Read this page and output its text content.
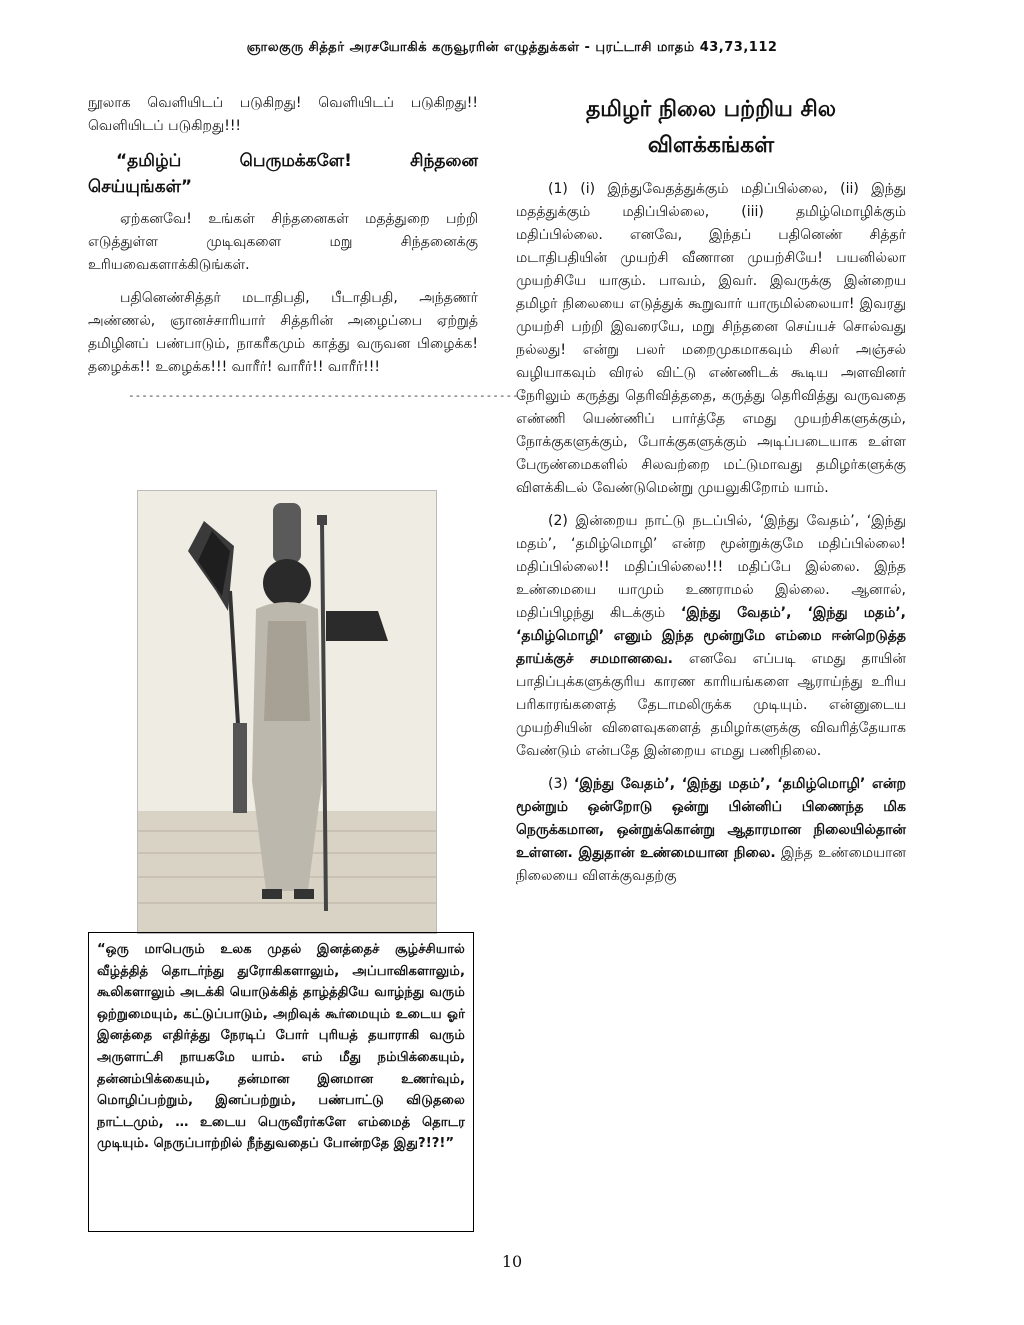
ஞாலகுரு சித்தர் அரசயோகிக் கருவூரரின் எழுத்துக்கள் - புரட்டாசி மாதம் 43,73,112

நூலாக வெளியிடப் படுகிறது! வெளியிடப் படுகிறது!! வெளியிடப் படுகிறது!!!

“தமிழ்ப் பெருமக்களே! சிந்தனை செய்யுங்கள்”

ஏற்கனவே! உங்கள் சிந்தனைகள் மதத்துறை பற்றி எடுத்துள்ள முடிவுகளை மறு சிந்தனைக்கு உரியவைகளாக்கிடுங்கள்.

பதினெண்சித்தர் மடாதிபதி, பீடாதிபதி, அந்தணர் அண்ணல், ஞானச்சாரியார் சித்தரின் அழைப்பை ஏற்றுத் தமிழினப் பண்பாடும், நாகரீகமும் காத்து வருவன பிழைக்க! தழைக்க!! உழைக்க!!! வாரீர்! வாரீர்!! வாரீர்!!!

------------------------------------------------------------
“ஒரு மாபெரும் உலக முதல் இனத்தைச் சூழ்ச்சியால் வீழ்த்தித் தொடர்ந்து துரோகிகளாலும், அப்பாவிகளாலும், கூலிகளாலும் அடக்கி யொடுக்கித் தாழ்த்தியே வாழ்ந்து வரும் ஒற்றுமையும், கட்டுப்பாடும், அறிவுக் கூர்மையும் உடைய ஓர் இனத்தை எதிர்த்து நேரடிப் போர் புரியத் தயாராகி வரும் அருளாட்சி நாயகமே யாம். எம் மீது நம்பிக்கையும், தன்னம்பிக்கையும், தன்மான இனமான உணர்வும், மொழிப்பற்றும், இனப்பற்றும், பண்பாட்டு விடுதலை நாட்டமும், … உடைய பெருவீரர்களே எம்மைத் தொடர முடியும். நெருப்பாற்றில் நீந்துவதைப் போன்றதே இது?!?!”
தமிழர் நிலை பற்றிய சில
விளக்கங்கள்

(1) (i) இந்துவேதத்துக்கும் மதிப்பில்லை, (ii) இந்து மதத்துக்கும் மதிப்பில்லை, (iii) தமிழ்மொழிக்கும் மதிப்பில்லை. எனவே, இந்தப் பதினெண் சித்தர் மடாதிபதியின் முயற்சி வீணான முயற்சியே! பயனில்லா முயற்சியே யாகும். பாவம், இவர். இவருக்கு இன்றைய தமிழர் நிலையை எடுத்துக் கூறுவார் யாருமில்லையா! இவரது முயற்சி பற்றி இவரையே, மறு சிந்தனை செய்யச் சொல்வது நல்லது! என்று பலர் மறைமுகமாகவும் சிலர் அஞ்சல் வழியாகவும் விரல் விட்டு எண்ணிடக் கூடிய அளவினர் நேரிலும் கருத்து தெரிவித்ததை, கருத்து தெரிவித்து வருவதை எண்ணி யெண்ணிப் பார்த்தே எமது முயற்சிகளுக்கும், நோக்குகளுக்கும், போக்குகளுக்கும் அடிப்படையாக உள்ள பேருண்மைகளில் சிலவற்றை மட்டுமாவது தமிழர்களுக்கு விளக்கிடல் வேண்டுமென்று முயலுகிறோம் யாம்.

(2) இன்றைய நாட்டு நடப்பில், ‘இந்து வேதம்’, ‘இந்து மதம்’, ‘தமிழ்மொழி’ என்ற மூன்றுக்குமே மதிப்பில்லை! மதிப்பில்லை!! மதிப்பில்லை!!! மதிப்பே இல்லை. இந்த உண்மையை யாமும் உணராமல் இல்லை. ஆனால், மதிப்பிழந்து கிடக்கும் ‘இந்து வேதம்’, ‘இந்து மதம்’, ‘தமிழ்மொழி’ எனும் இந்த மூன்றுமே எம்மை ஈன்றெடுத்த தாய்க்குச் சமமானவை. எனவே எப்படி எமது தாயின் பாதிப்புக்களுக்குரிய காரண காரியங்களை ஆராய்ந்து உரிய பரிகாரங்களைத் தேடாமலிருக்க முடியும். என்னுடைய முயற்சியின் விளைவுகளைத் தமிழர்களுக்கு விவரித்தேயாக வேண்டும் என்பதே இன்றைய எமது பணிநிலை.

(3) ‘இந்து வேதம்’, ‘இந்து மதம்’, ‘தமிழ்மொழி’ என்ற மூன்றும் ஒன்றோடு ஒன்று பின்னிப் பிணைந்த மிக நெருக்கமான, ஒன்றுக்கொன்று ஆதாரமான நிலையில்தான் உள்ளன. இதுதான் உண்மையான நிலை. இந்த உண்மையான நிலையை விளக்குவதற்கு

10
